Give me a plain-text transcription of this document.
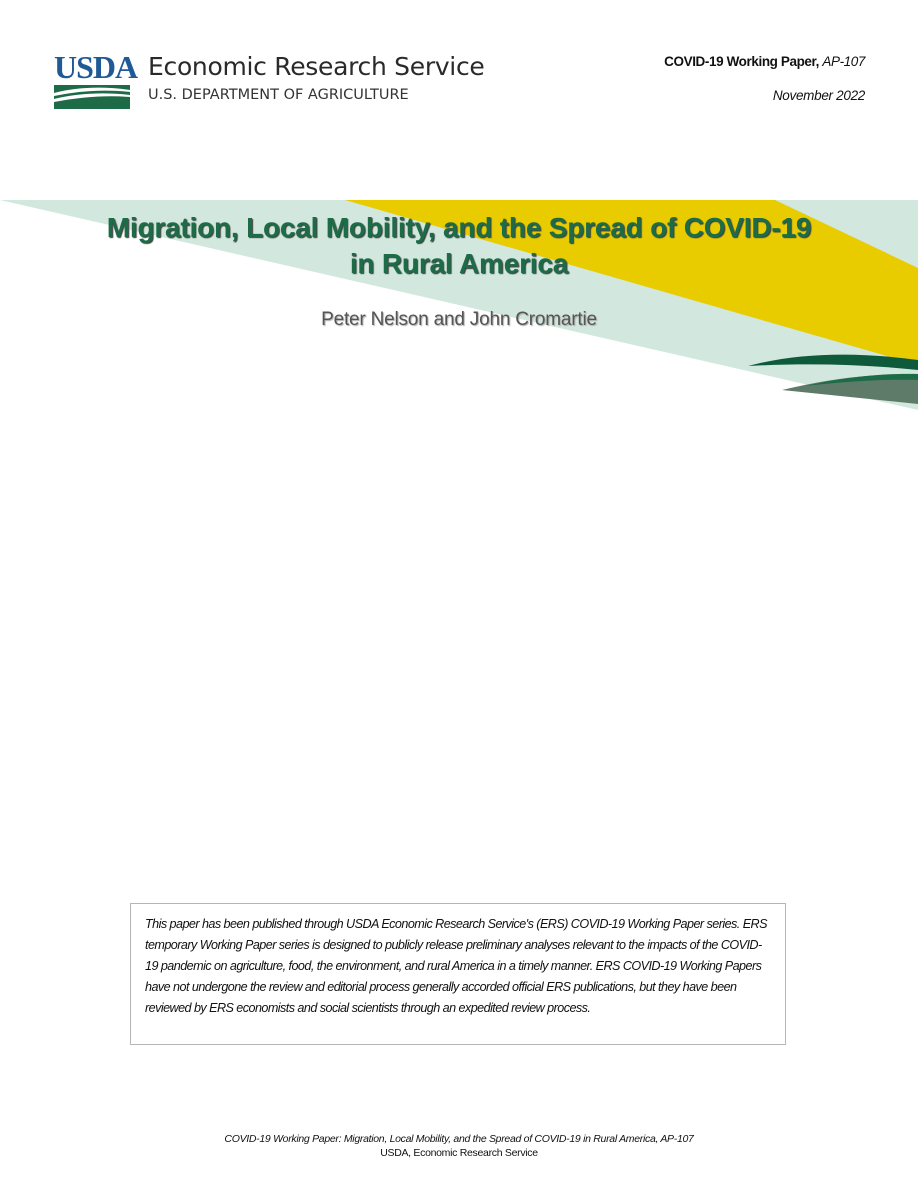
USDA Economic Research Service
U.S. DEPARTMENT OF AGRICULTURE
COVID-19 Working Paper, AP-107
November 2022
Migration, Local Mobility, and the Spread of COVID-19
in Rural America
Peter Nelson and John Cromartie

This paper has been published through USDA Economic Research Service's (ERS) COVID-19 Working Paper series. ERS temporary Working Paper series is designed to publicly release preliminary analyses relevant to the impacts of the COVID-19 pandemic on agriculture, food, the environment, and rural America in a timely manner. ERS COVID-19 Working Papers have not undergone the review and editorial process generally accorded official ERS publications, but they have been reviewed by ERS economists and social scientists through an expedited review process.

COVID-19 Working Paper: Migration, Local Mobility, and the Spread of COVID-19 in Rural America, AP-107
USDA, Economic Research Service
